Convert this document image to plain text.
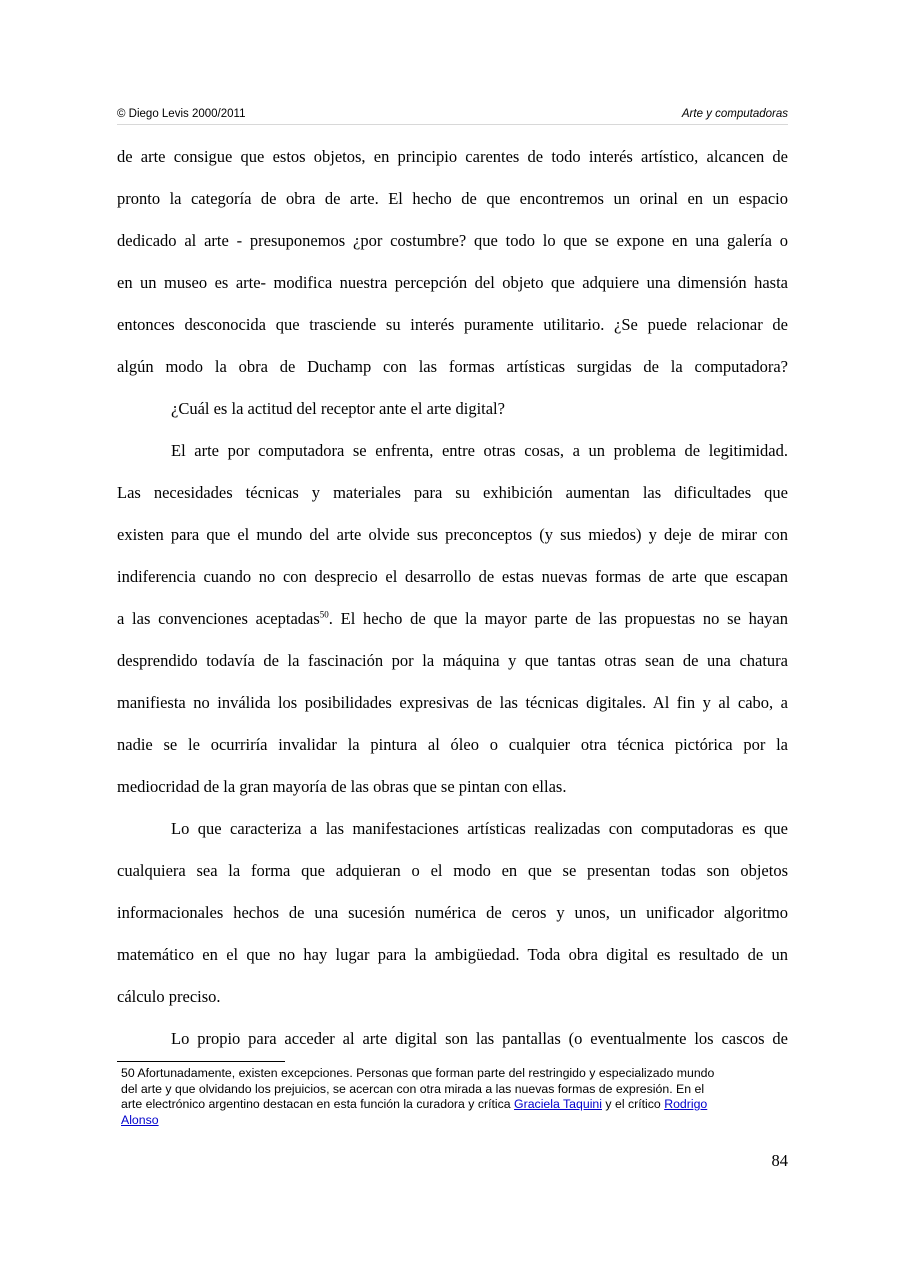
© Diego Levis 2000/2011	Arte y computadoras

de arte consigue que estos objetos, en principio carentes de todo interés artístico, alcancen de
pronto la categoría de obra de arte. El hecho de que encontremos un orinal en un espacio
dedicado al arte - presuponemos ¿por costumbre? que todo lo que se expone en una galería o
en un museo es arte- modifica nuestra percepción del objeto que adquiere una dimensión hasta
entonces desconocida que trasciende su interés puramente utilitario. ¿Se puede relacionar de
algún modo la obra de Duchamp con las formas artísticas surgidas de la computadora?

¿Cuál es la actitud del receptor ante el arte digital?

El arte por computadora se enfrenta, entre otras cosas, a un problema de legitimidad.
Las necesidades técnicas y materiales para su exhibición aumentan las dificultades que
existen para que el mundo del arte olvide sus preconceptos (y sus miedos) y deje de mirar con
indiferencia cuando no con desprecio el desarrollo de estas nuevas formas de arte que escapan
a las convenciones aceptadas$^{50}$. El hecho de que la mayor parte de las propuestas no se hayan
desprendido todavía de la fascinación por la máquina y que tantas otras sean de una chatura
manifiesta no inválida los posibilidades expresivas de las técnicas digitales. Al fin y al cabo, a
nadie se le ocurriría invalidar la pintura al óleo o cualquier otra técnica pictórica por la
mediocridad de la gran mayoría de las obras que se pintan con ellas.

Lo que caracteriza a las manifestaciones artísticas realizadas con computadoras es que
cualquiera sea la forma que adquieran o el modo en que se presentan todas son objetos
informacionales hechos de una sucesión numérica de ceros y unos, un unificador algoritmo
matemático en el que no hay lugar para la ambigüedad. Toda obra digital es resultado de un
cálculo preciso.

Lo propio para acceder al arte digital son las pantallas (o eventualmente los cascos de

50 Afortunadamente, existen excepciones. Personas que forman parte del restringido y especializado mundo
del arte y que olvidando los prejuicios, se acercan con otra mirada a las nuevas formas de expresión. En el
arte electrónico argentino destacan en esta función la curadora y crítica Graciela Taquini y el crítico Rodrigo
Alonso
84
